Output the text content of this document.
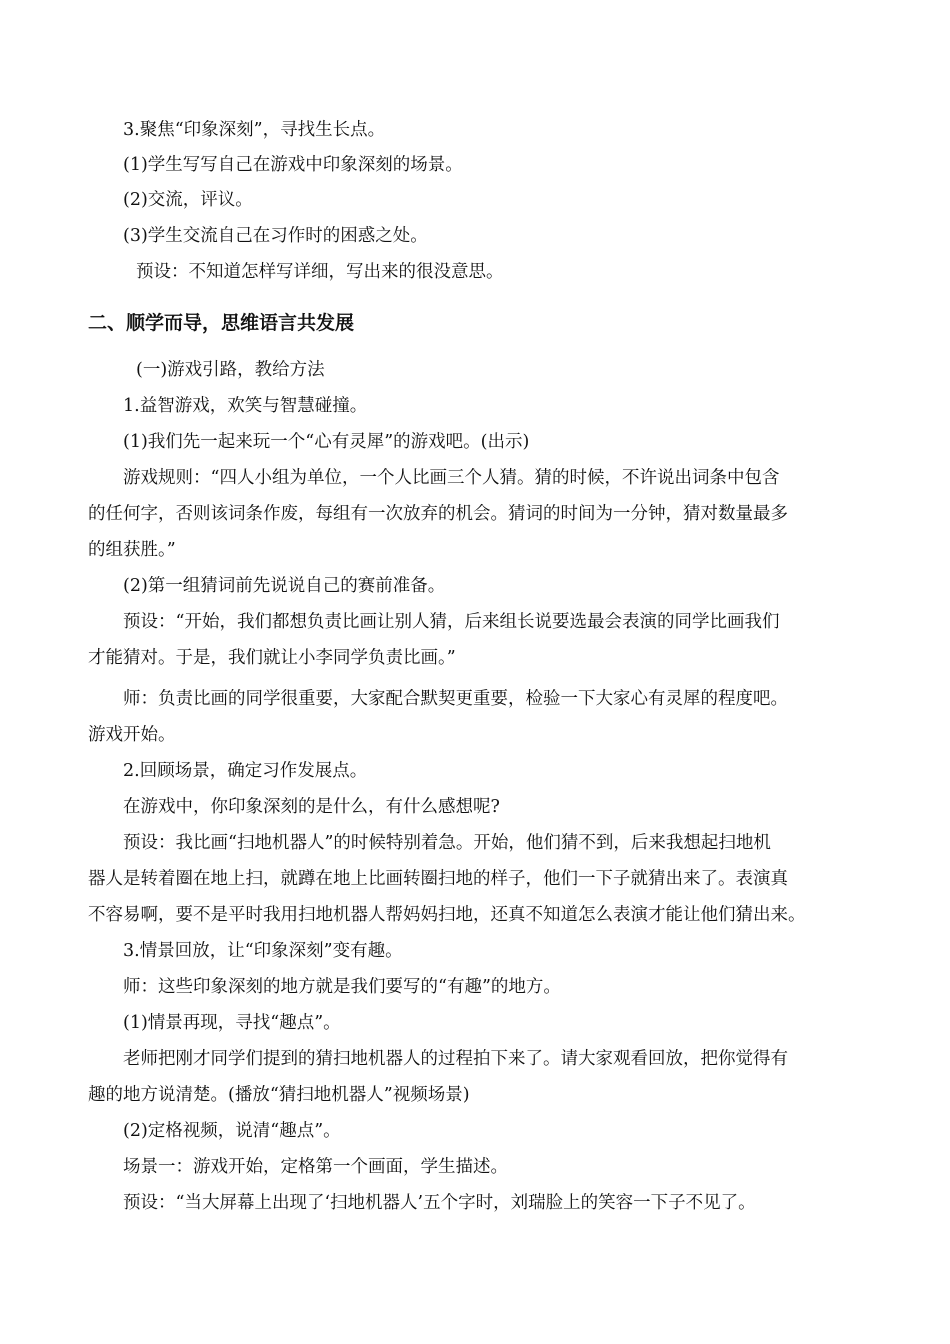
3.聚焦“印象深刻”，寻找生长点。
(1)学生写写自己在游戏中印象深刻的场景。
(2)交流，评议。
(3)学生交流自己在习作时的困惑之处。
预设：不知道怎样写详细，写出来的很没意思。
二、顺学而导，思维语言共发展
(一)游戏引路，教给方法
1.益智游戏，欢笑与智慧碰撞。
(1)我们先一起来玩一个“心有灵犀”的游戏吧。(出示)
游戏规则：“四人小组为单位，一个人比画三个人猜。猜的时候，不许说出词条中包含
的任何字，否则该词条作废，每组有一次放弃的机会。猜词的时间为一分钟，猜对数量最多
的组获胜。”
(2)第一组猜词前先说说自己的赛前准备。
预设：“开始，我们都想负责比画让别人猜，后来组长说要选最会表演的同学比画我们
才能猜对。于是，我们就让小李同学负责比画。”
师：负责比画的同学很重要，大家配合默契更重要，检验一下大家心有灵犀的程度吧。
游戏开始。
2.回顾场景，确定习作发展点。
在游戏中，你印象深刻的是什么，有什么感想呢?
预设：我比画“扫地机器人”的时候特别着急。开始，他们猜不到，后来我想起扫地机
器人是转着圈在地上扫，就蹲在地上比画转圈扫地的样子，他们一下子就猜出来了。表演真
不容易啊，要不是平时我用扫地机器人帮妈妈扫地，还真不知道怎么表演才能让他们猜出来。
3.情景回放，让“印象深刻”变有趣。
师：这些印象深刻的地方就是我们要写的“有趣”的地方。
(1)情景再现，寻找“趣点”。
老师把刚才同学们提到的猜扫地机器人的过程拍下来了。请大家观看回放，把你觉得有
趣的地方说清楚。(播放“猜扫地机器人”视频场景)
(2)定格视频，说清“趣点”。
场景一：游戏开始，定格第一个画面，学生描述。
预设：“当大屏幕上出现了‘扫地机器人’五个字时，刘瑞脸上的笑容一下子不见了。
